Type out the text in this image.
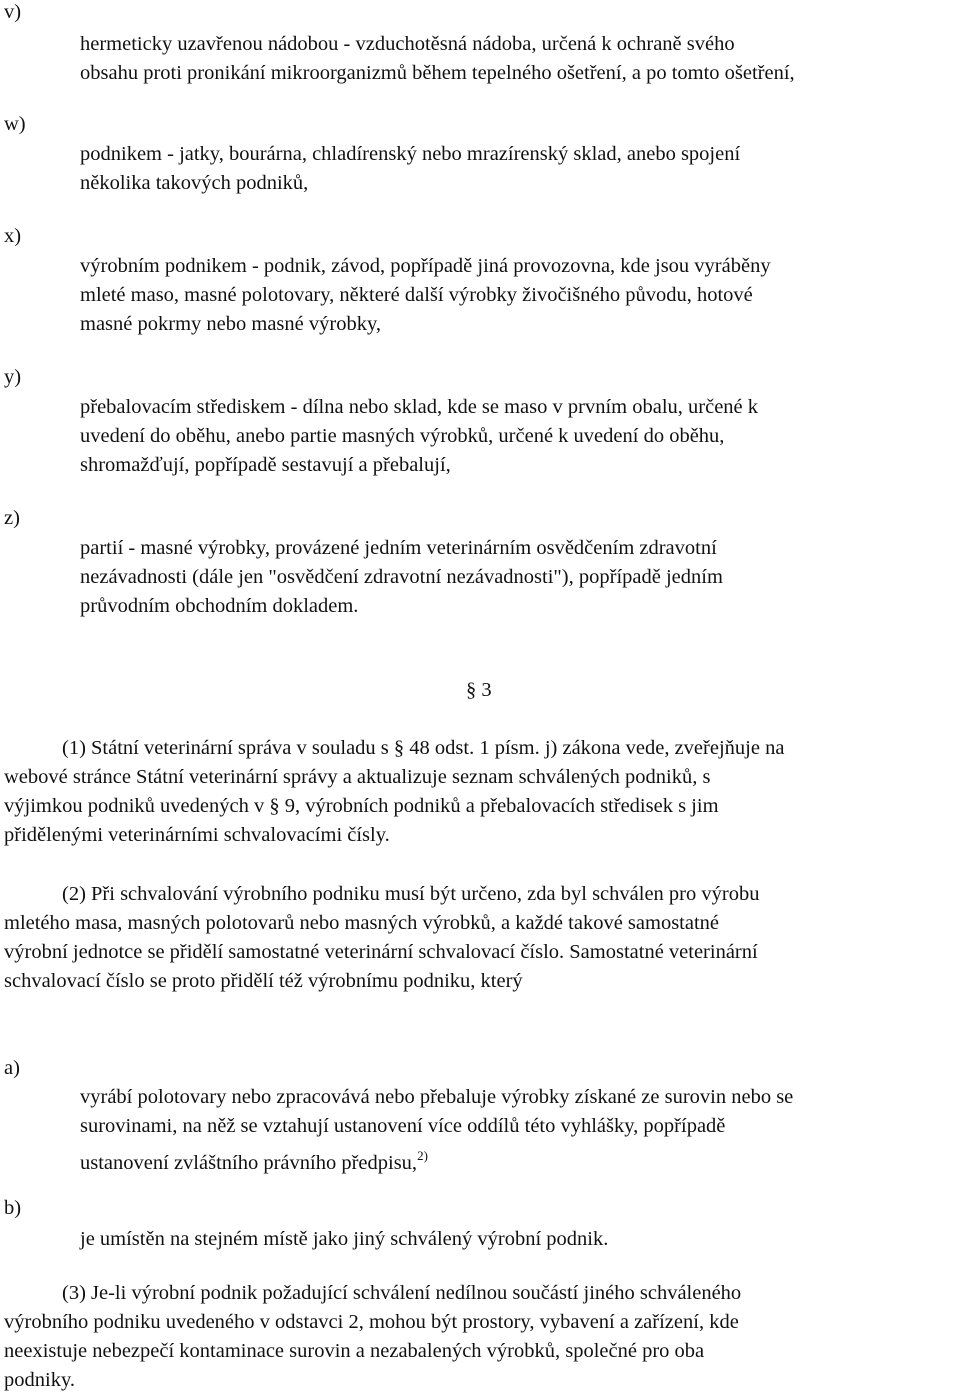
v)
hermeticky uzavřenou nádobou - vzduchotěsná nádoba, určená k ochraně svého
obsahu proti pronikání mikroorganizmů během tepelného ošetření, a po tomto ošetření,
w)
podnikem - jatky, bourárna, chladírenský nebo mrazírenský sklad, anebo spojení
několika takových podniků,
x)
výrobním podnikem - podnik, závod, popřípadě jiná provozovna, kde jsou vyráběny
mleté maso, masné polotovary, některé další výrobky živočišného původu, hotové
masné pokrmy nebo masné výrobky,
y)
přebalovacím střediskem - dílna nebo sklad, kde se maso v prvním obalu, určené k
uvedení do oběhu, anebo partie masných výrobků, určené k uvedení do oběhu,
shromažďují, popřípadě sestavují a přebalují,
z)
partií - masné výrobky, provázené jedním veterinárním osvědčením zdravotní
nezávadnosti (dále jen "osvědčení zdravotní nezávadnosti"), popřípadě jedním
průvodním obchodním dokladem.
§ 3
(1) Státní veterinární správa v souladu s § 48 odst. 1 písm. j) zákona vede, zveřejňuje na
webové stránce Státní veterinární správy a aktualizuje seznam schválených podniků, s
výjimkou podniků uvedených v § 9, výrobních podniků a přebalovacích středisek s jim
přidělenými veterinárními schvalovacími čísly.
(2) Při schvalování výrobního podniku musí být určeno, zda byl schválen pro výrobu
mletého masa, masných polotovarů nebo masných výrobků, a každé takové samostatné
výrobní jednotce se přidělí samostatné veterinární schvalovací číslo. Samostatné veterinární
schvalovací číslo se proto přidělí též výrobnímu podniku, který
a)
vyrábí polotovary nebo zpracovává nebo přebaluje výrobky získané ze surovin nebo se
surovinami, na něž se vztahují ustanovení více oddílů této vyhlášky, popřípadě
ustanovení zvláštního právního předpisu,$^{2)}$
b)
je umístěn na stejném místě jako jiný schválený výrobní podnik.
(3) Je-li výrobní podnik požadující schválení nedílnou součástí jiného schváleného
výrobního podniku uvedeného v odstavci 2, mohou být prostory, vybavení a zařízení, kde
neexistuje nebezpečí kontaminace surovin a nezabalených výrobků, společné pro oba
podniky.
